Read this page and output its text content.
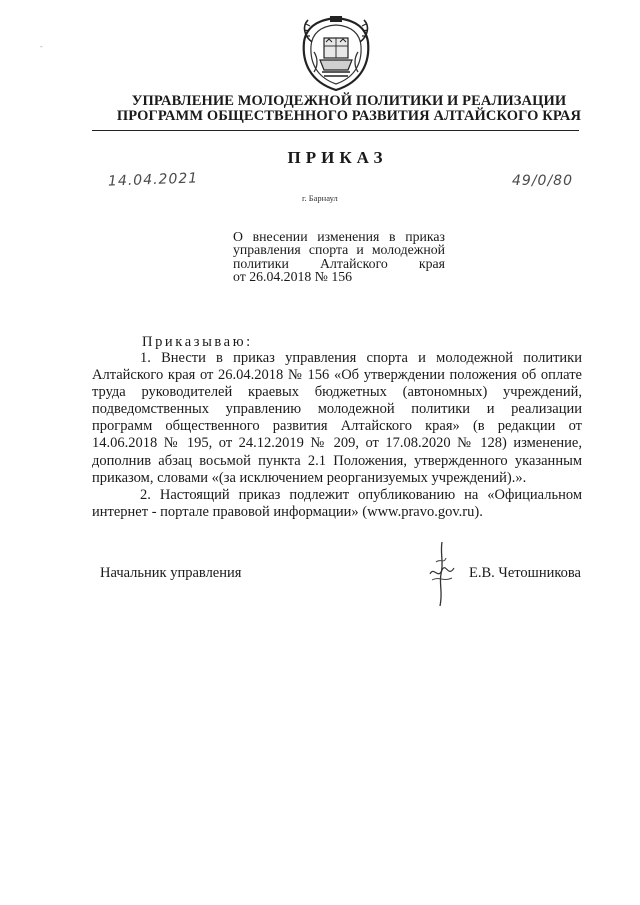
-
УПРАВЛЕНИЕ МОЛОДЕЖНОЙ ПОЛИТИКИ И РЕАЛИЗАЦИИ
ПРОГРАММ ОБЩЕСТВЕННОГО РАЗВИТИЯ АЛТАЙСКОГО КРАЯ
ПРИКАЗ
14.04.2021	49/0/80
г. Барнаул
О внесении изменения в приказ
управления спорта и молодежной
политики Алтайского края
от 26.04.2018 № 156
Приказываю:
1. Внести в приказ управления спорта и молодежной политики
Алтайского края от 26.04.2018 № 156 «Об утверждении положения об оплате
труда руководителей краевых бюджетных (автономных) учреждений,
подведомственных управлению молодежной политики и реализации
программ общественного развития Алтайского края» (в редакции от
14.06.2018 № 195, от 24.12.2019 № 209, от 17.08.2020 № 128) изменение,
дополнив абзац восьмой пункта 2.1 Положения, утвержденного указанным
приказом, словами «(за исключением реорганизуемых учреждений).».
2. Настоящий приказ подлежит опубликованию на «Официальном
интернет - портале правовой информации» (www.pravo.gov.ru).
Начальник управления	Е.В. Четошникова
